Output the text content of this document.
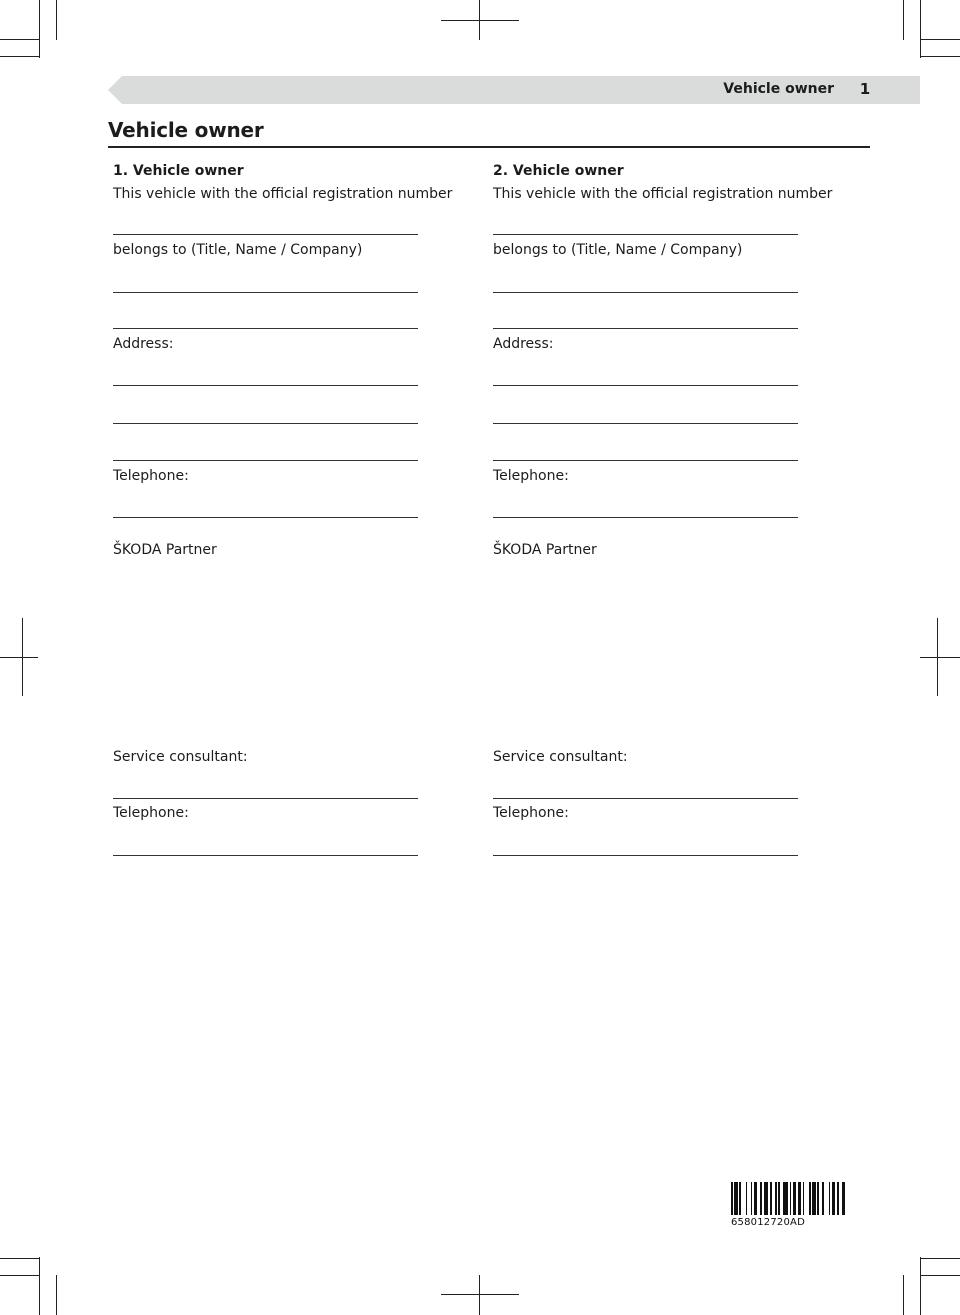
Vehicle owner 1
Vehicle owner
1. Vehicle owner
This vehicle with the official registration number
belongs to (Title, Name / Company)
Address:
Telephone:
ŠKODA Partner
Service consultant:
Telephone:
2. Vehicle owner
This vehicle with the official registration number
belongs to (Title, Name / Company)
Address:
Telephone:
ŠKODA Partner
Service consultant:
Telephone:
658012720AD
